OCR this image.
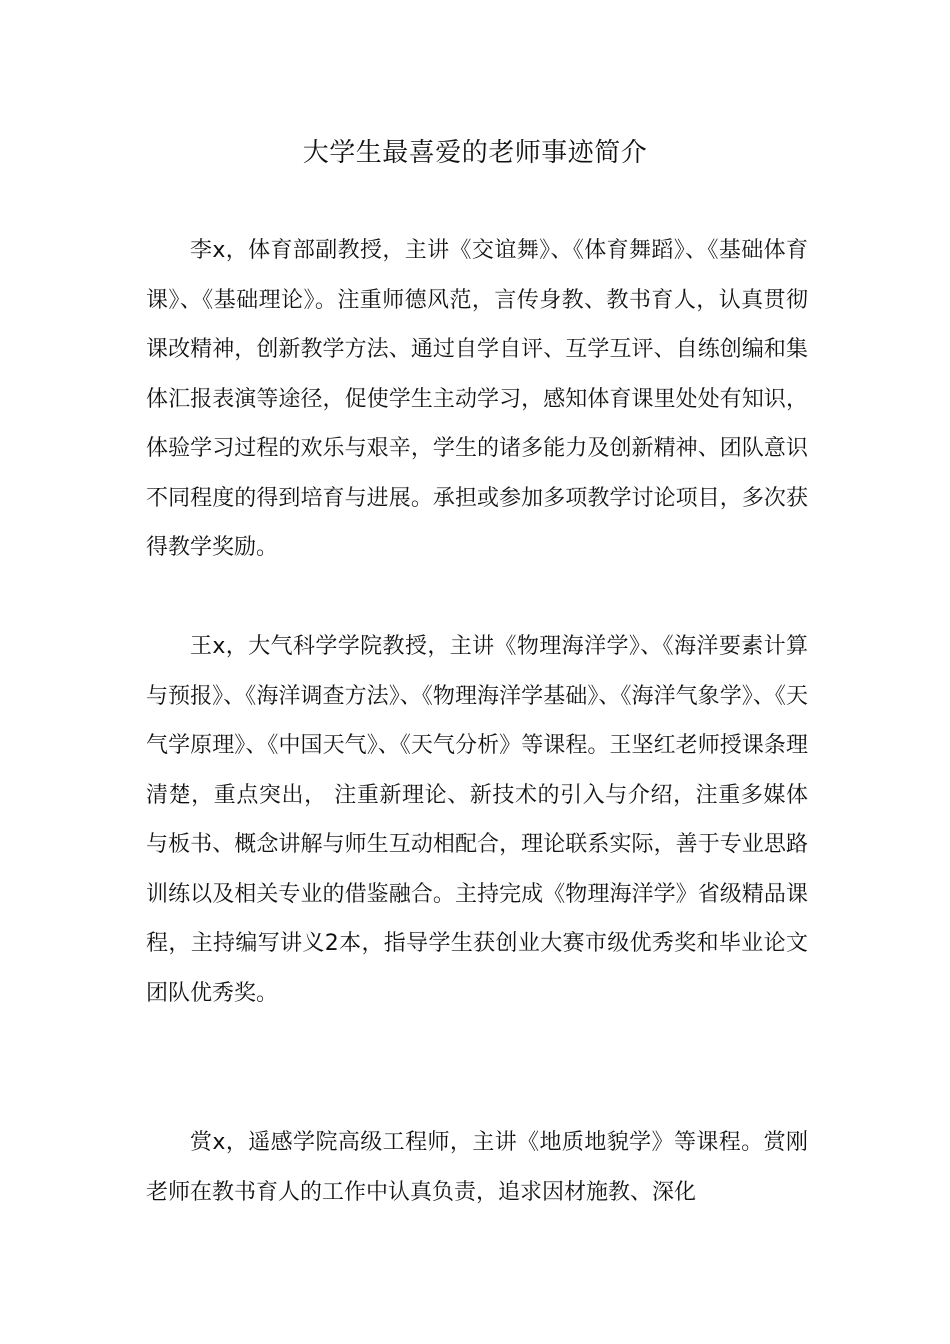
大学生最喜爱的老师事迹简介

李x，体育部副教授，主讲《交谊舞》、《体育舞蹈》、《基础体育课》、《基础理论》。注重师德风范，言传身教、教书育人，认真贯彻课改精神，创新教学方法、通过自学自评、互学互评、自练创编和集体汇报表演等途径，促使学生主动学习，感知体育课里处处有知识，体验学习过程的欢乐与艰辛，学生的诸多能力及创新精神、团队意识不同程度的得到培育与进展。承担或参加多项教学讨论项目，多次获得教学奖励。

王x，大气科学学院教授，主讲《物理海洋学》、《海洋要素计算与预报》、《海洋调查方法》、《物理海洋学基础》、《海洋气象学》、《天气学原理》、《中国天气》、《天气分析》等课程。王坚红老师授课条理清楚，重点突出， 注重新理论、新技术的引入与介绍，注重多媒体与板书、概念讲解与师生互动相配合，理论联系实际，善于专业思路训练以及相关专业的借鉴融合。主持完成《物理海洋学》省级精品课程，主持编写讲义2本，指导学生获创业大赛市级优秀奖和毕业论文团队优秀奖。

赏x，遥感学院高级工程师，主讲《地质地貌学》等课程。赏刚老师在教书育人的工作中认真负责，追求因材施教、深化
